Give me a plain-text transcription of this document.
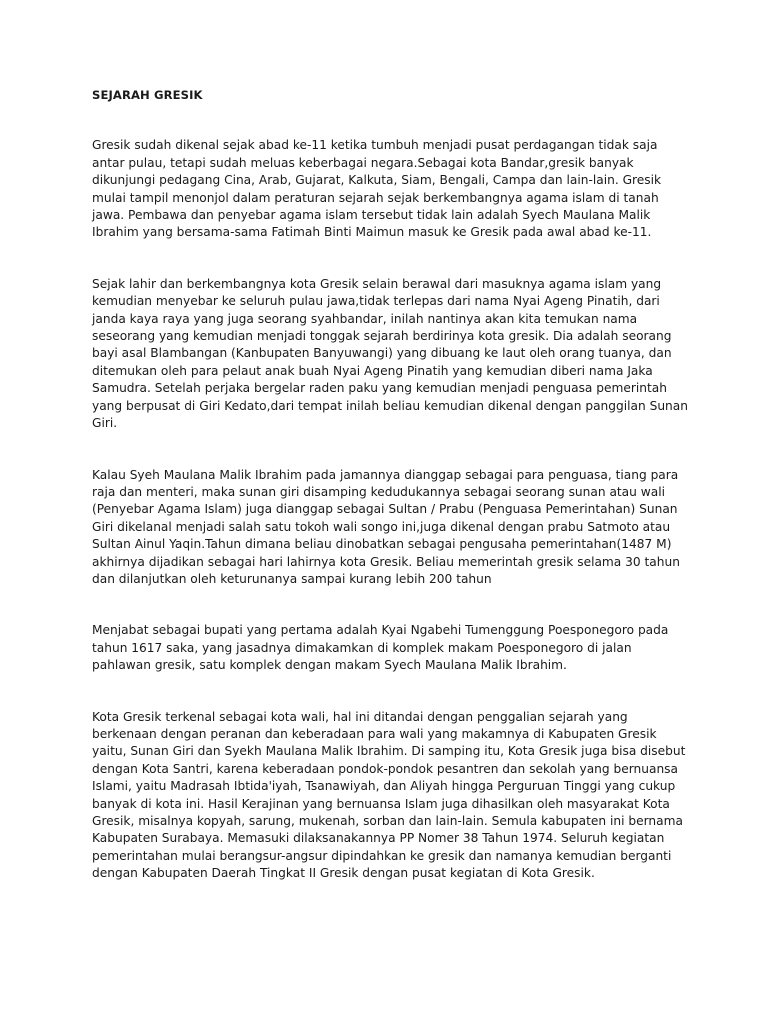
SEJARAH GRESIK

Gresik sudah dikenal sejak abad ke-11 ketika tumbuh menjadi pusat perdagangan tidak saja antar pulau, tetapi sudah meluas keberbagai negara.Sebagai kota Bandar,gresik banyak dikunjungi pedagang Cina, Arab, Gujarat, Kalkuta, Siam, Bengali, Campa dan lain-lain. Gresik mulai tampil menonjol dalam peraturan sejarah sejak berkembangnya agama islam di tanah jawa. Pembawa dan penyebar agama islam tersebut tidak lain adalah Syech Maulana Malik Ibrahim yang bersama-sama Fatimah Binti Maimun masuk ke Gresik pada awal abad ke-11.

Sejak lahir dan berkembangnya kota Gresik selain berawal dari masuknya agama islam yang kemudian menyebar ke seluruh pulau jawa,tidak terlepas dari nama Nyai Ageng Pinatih, dari janda kaya raya yang juga seorang syahbandar, inilah nantinya akan kita temukan nama seseorang yang kemudian menjadi tonggak sejarah berdirinya kota gresik. Dia adalah seorang bayi asal Blambangan (Kanbupaten Banyuwangi) yang dibuang ke laut oleh orang tuanya, dan ditemukan oleh para pelaut anak buah Nyai Ageng Pinatih yang kemudian diberi nama Jaka Samudra. Setelah perjaka bergelar raden paku yang kemudian menjadi penguasa pemerintah yang berpusat di Giri Kedato,dari tempat inilah beliau kemudian dikenal dengan panggilan Sunan Giri.

Kalau Syeh Maulana Malik Ibrahim pada jamannya dianggap sebagai para penguasa, tiang para raja dan menteri, maka sunan giri disamping kedudukannya sebagai seorang sunan atau wali (Penyebar Agama Islam) juga dianggap sebagai Sultan / Prabu (Penguasa Pemerintahan) Sunan Giri dikelanal menjadi salah satu tokoh wali songo ini,juga dikenal dengan prabu Satmoto atau Sultan Ainul Yaqin.Tahun dimana beliau dinobatkan sebagai pengusaha pemerintahan(1487 M) akhirnya dijadikan sebagai hari lahirnya kota Gresik. Beliau memerintah gresik selama 30 tahun dan dilanjutkan oleh keturunanya sampai kurang lebih 200 tahun

Menjabat sebagai bupati yang pertama adalah Kyai Ngabehi Tumenggung Poesponegoro pada tahun 1617 saka, yang jasadnya dimakamkan di komplek makam Poesponegoro di jalan pahlawan gresik, satu komplek dengan makam Syech Maulana Malik Ibrahim.

Kota Gresik terkenal sebagai kota wali, hal ini ditandai dengan penggalian sejarah yang berkenaan dengan peranan dan keberadaan para wali yang makamnya di Kabupaten Gresik yaitu, Sunan Giri dan Syekh Maulana Malik Ibrahim. Di samping itu, Kota Gresik juga bisa disebut dengan Kota Santri, karena keberadaan pondok-pondok pesantren dan sekolah yang bernuansa Islami, yaitu Madrasah Ibtida'iyah, Tsanawiyah, dan Aliyah hingga Perguruan Tinggi yang cukup banyak di kota ini. Hasil Kerajinan yang bernuansa Islam juga dihasilkan oleh masyarakat Kota Gresik, misalnya kopyah, sarung, mukenah, sorban dan lain-lain. Semula kabupaten ini bernama Kabupaten Surabaya. Memasuki dilaksanakannya PP Nomer 38 Tahun 1974. Seluruh kegiatan pemerintahan mulai berangsur-angsur dipindahkan ke gresik dan namanya kemudian berganti dengan Kabupaten Daerah Tingkat II Gresik dengan pusat kegiatan di Kota Gresik.
